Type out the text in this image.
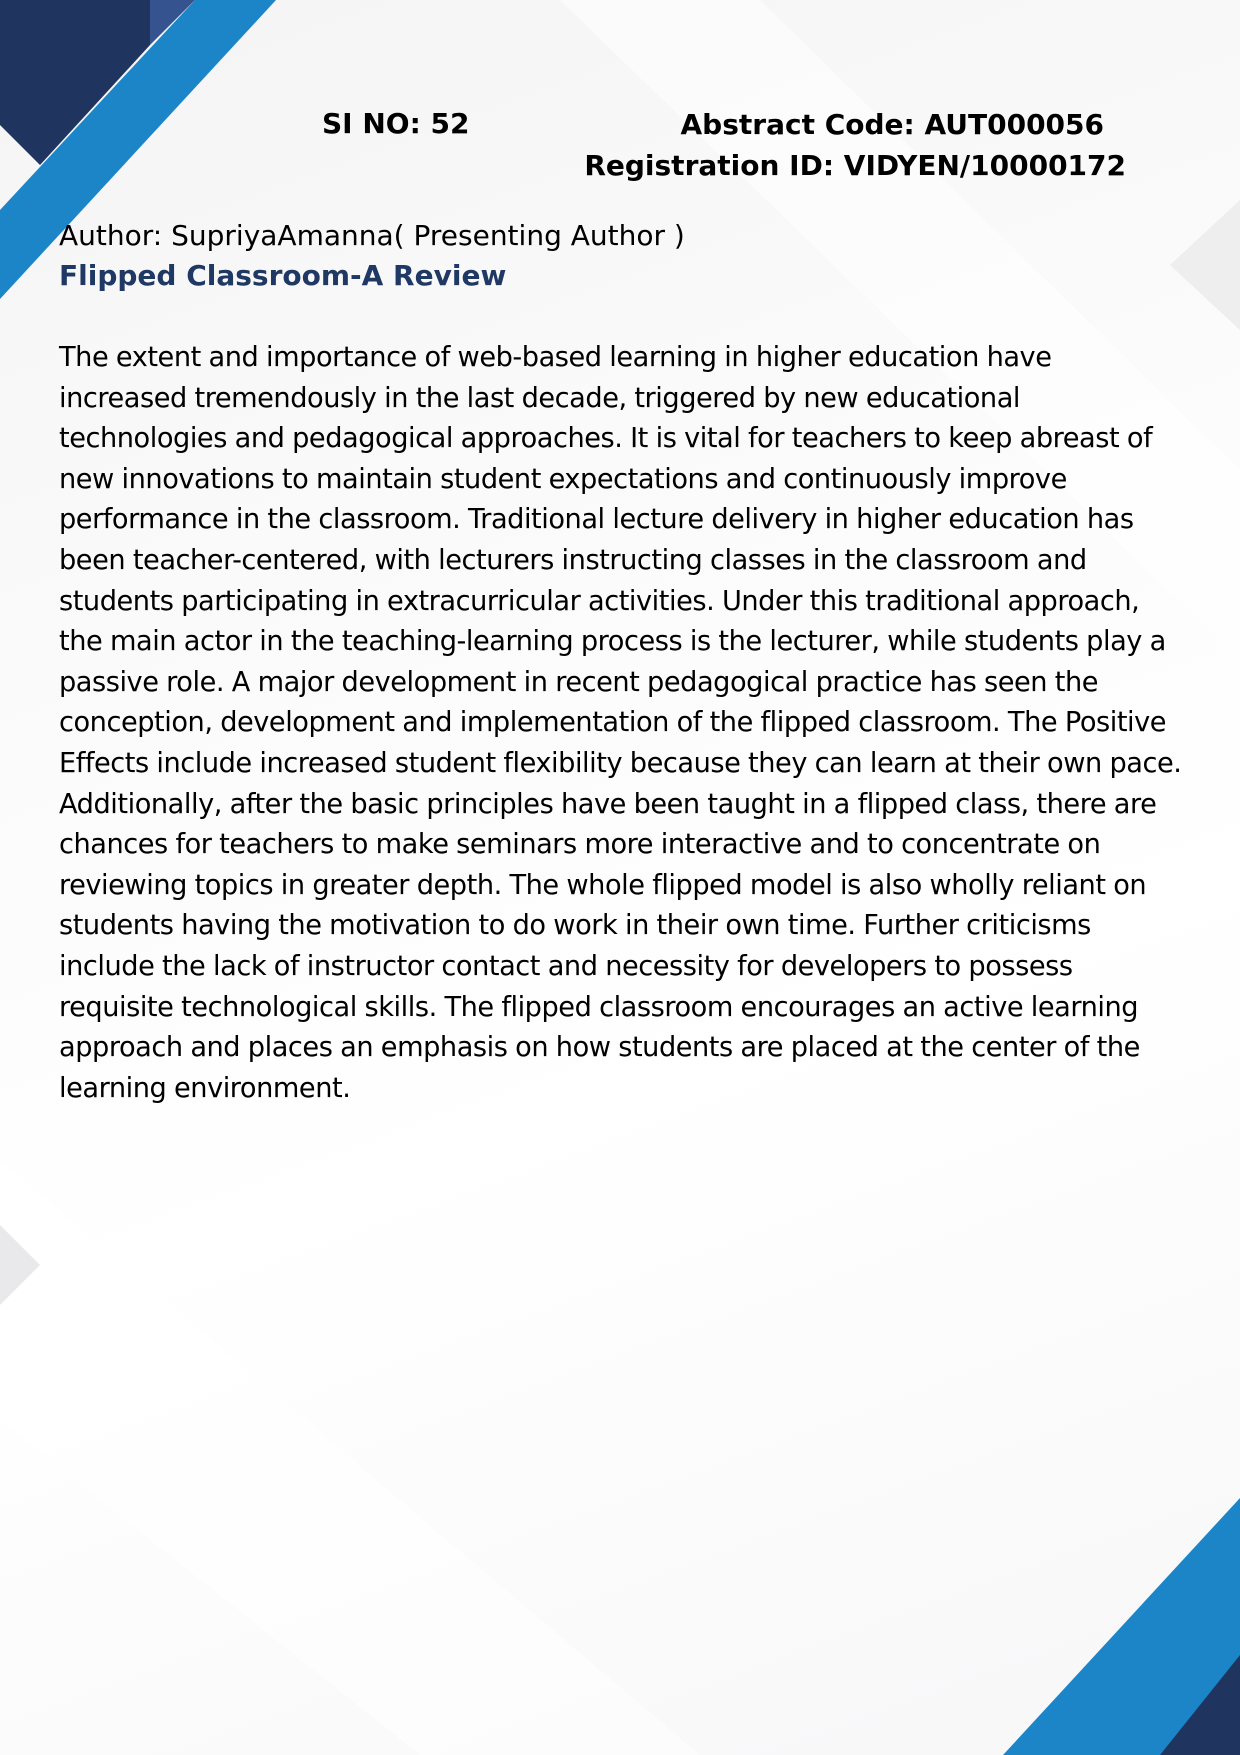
SI NO: 52	Abstract Code: AUT000056
Registration ID: VIDYEN/10000172
Author: SupriyaAmanna( Presenting Author )
Flipped Classroom-A Review

The extent and importance of web-based learning in higher education have increased tremendously in the last decade, triggered by new educational technologies and pedagogical approaches. It is vital for teachers to keep abreast of new innovations to maintain student expectations and continuously improve performance in the classroom. Traditional lecture delivery in higher education has been teacher-centered, with lecturers instructing classes in the classroom and students participating in extracurricular activities. Under this traditional approach, the main actor in the teaching-learning process is the lecturer, while students play a passive role. A major development in recent pedagogical practice has seen the conception, development and implementation of the flipped classroom. The Positive Effects include increased student flexibility because they can learn at their own pace. Additionally, after the basic principles have been taught in a flipped class, there are chances for teachers to make seminars more interactive and to concentrate on reviewing topics in greater depth. The whole flipped model is also wholly reliant on students having the motivation to do work in their own time. Further criticisms include the lack of instructor contact and necessity for developers to possess requisite technological skills. The flipped classroom encourages an active learning approach and places an emphasis on how students are placed at the center of the learning environment.
